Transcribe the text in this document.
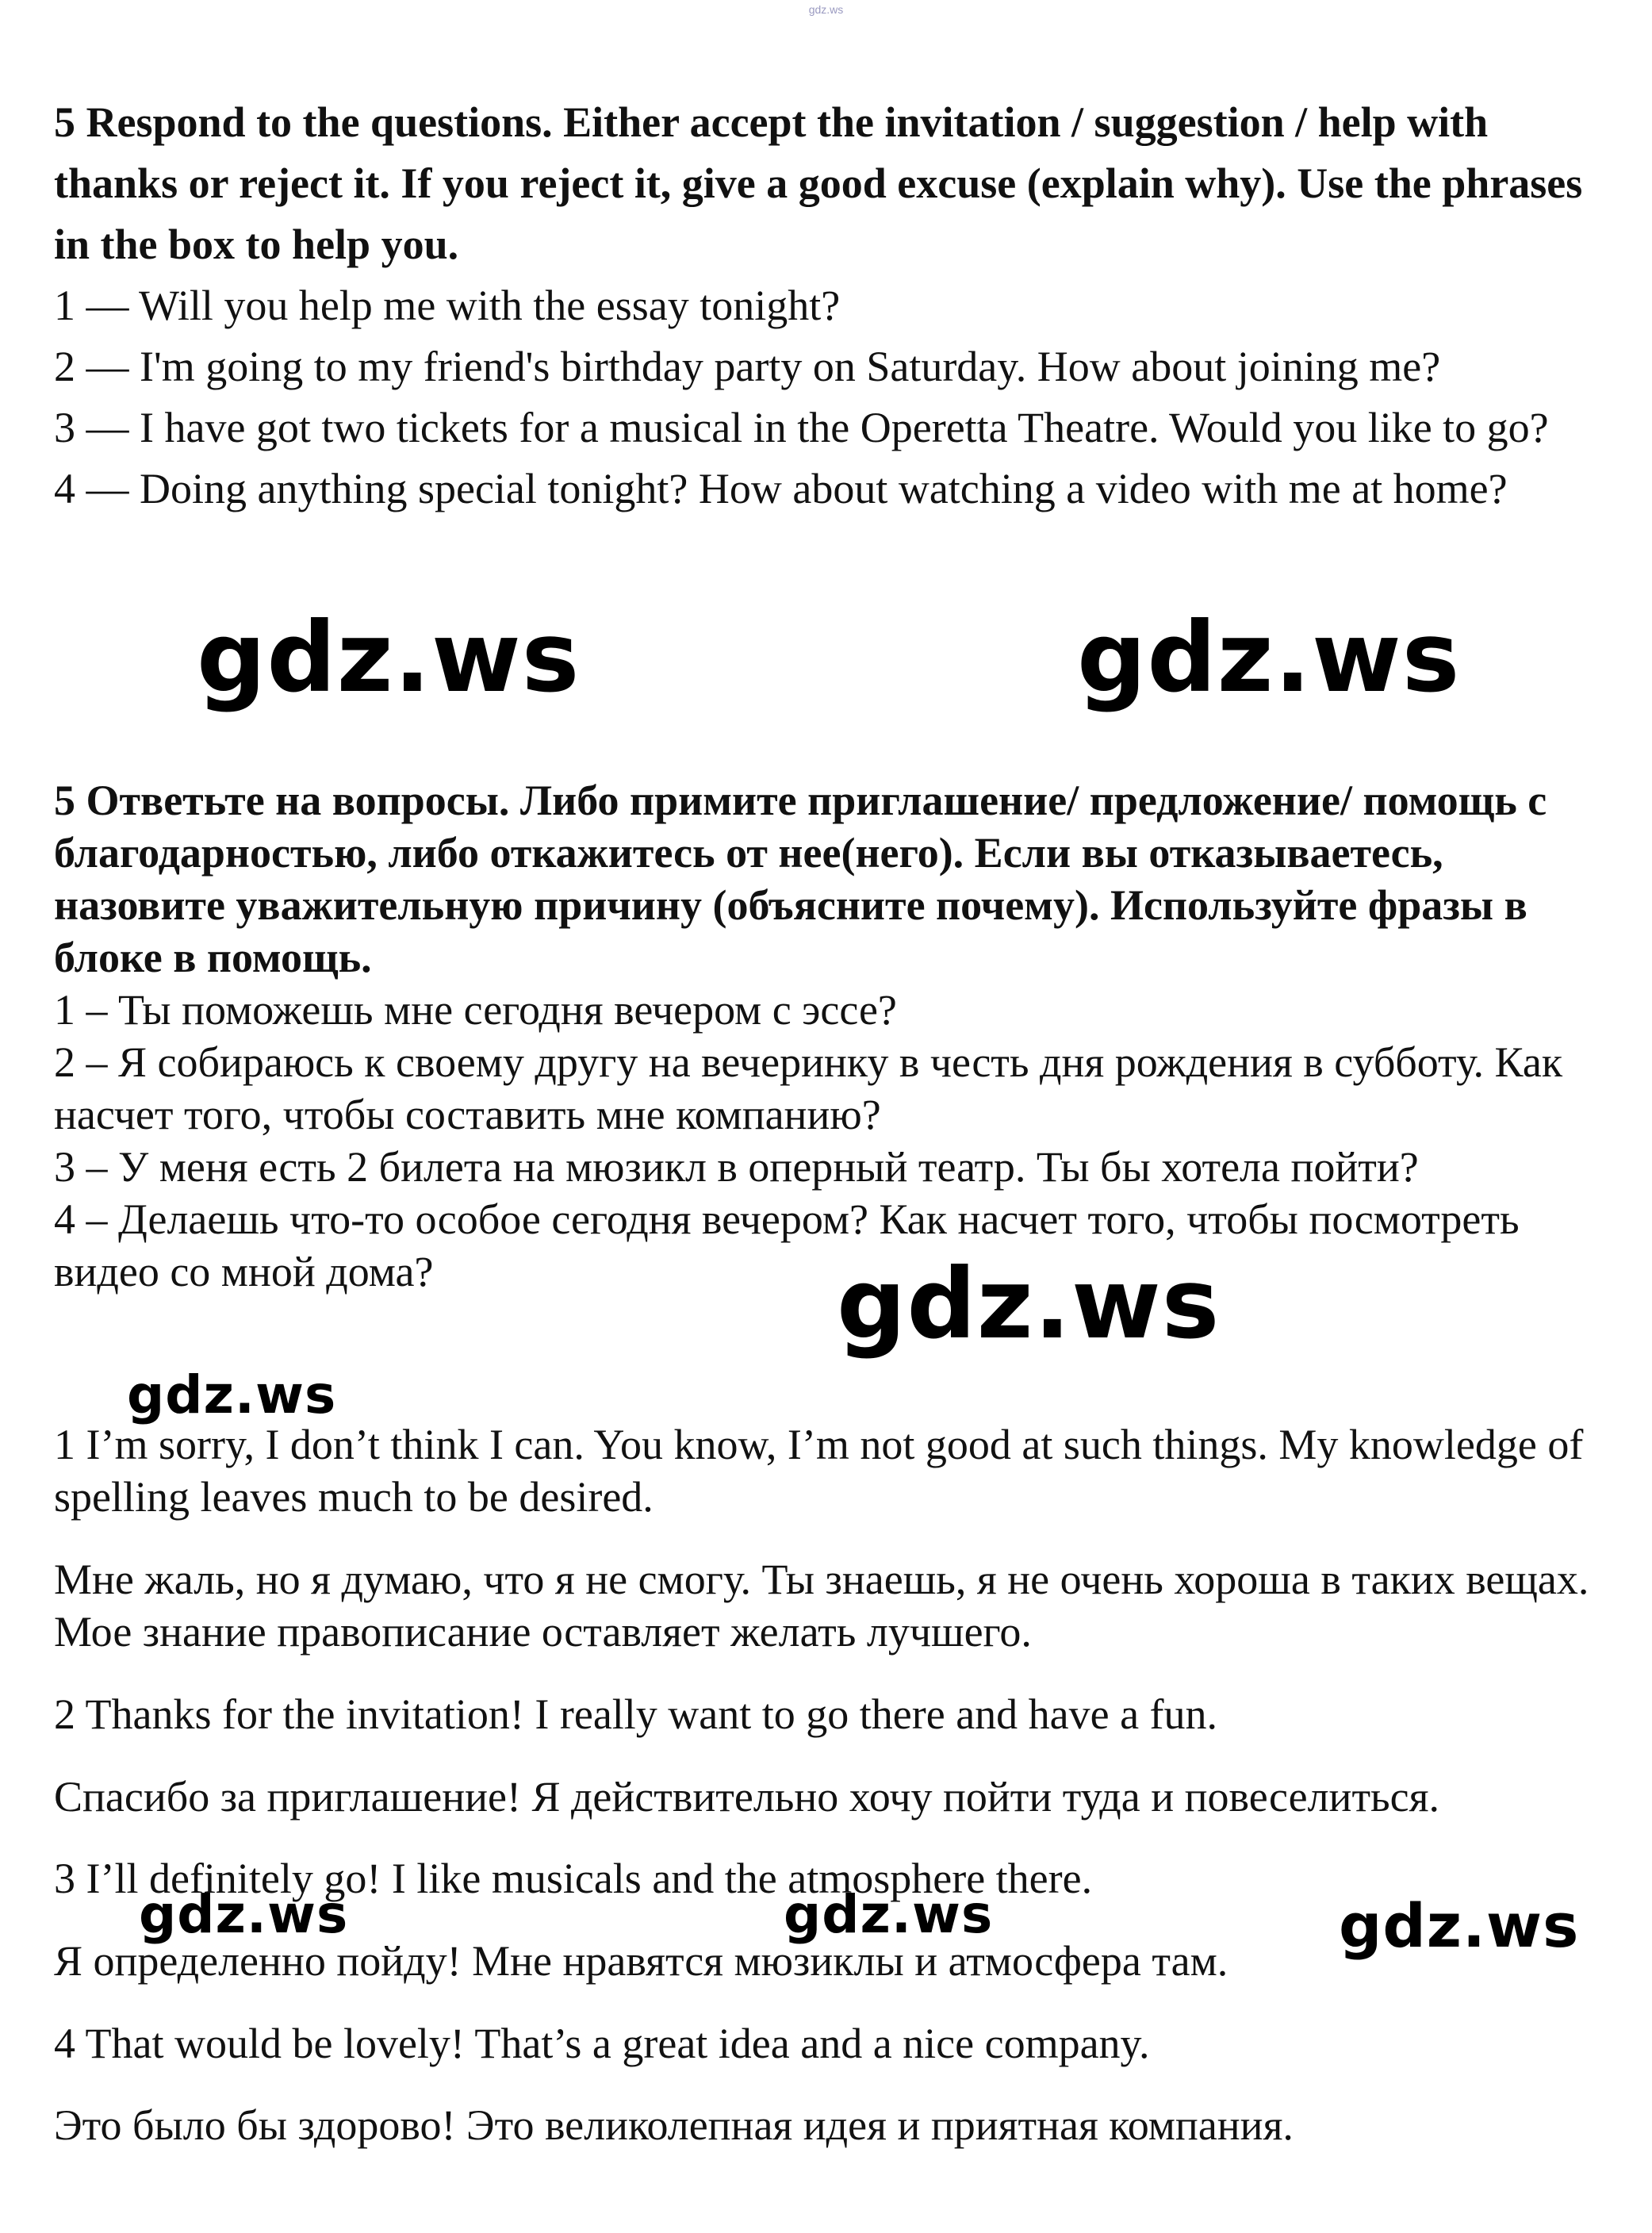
gdz.ws

5 Respond to the questions. Either accept the invitation / suggestion / help with thanks or reject it. If you reject it, give a good excuse (explain why). Use the phrases in the box to help you.

1 — Will you help me with the essay tonight?

2 — I'm going to my friend's birthday party on Saturday. How about joining me?

3 — I have got two tickets for a musical in the Operetta Theatre. Would you like to go?

4 — Doing anything special tonight? How about watching a video with me at home?

5 Ответьте на вопросы. Либо примите приглашение/ предложение/ помощь с благодарностью, либо откажитесь от нее(него). Если вы отказываетесь, назовите уважительную причину (объясните почему). Используйте фразы в блоке в помощь.

1 – Ты поможешь мне сегодня вечером с эссе?

2 – Я собираюсь к своему другу на вечеринку в честь дня рождения в субботу. Как насчет того, чтобы составить мне компанию?

3 – У меня есть 2 билета на мюзикл в оперный театр. Ты бы хотела пойти?

4 – Делаешь что-то особое сегодня вечером? Как насчет того, чтобы посмотреть видео со мной дома?

1 I’m sorry, I don’t think I can. You know, I’m not good at such things. My knowledge of spelling leaves much to be desired.

Мне жаль, но я думаю, что я не смогу. Ты знаешь, я не очень хороша в таких вещах. Мое знание правописание оставляет желать лучшего.

2 Thanks for the invitation! I really want to go there and have a fun.

Спасибо за приглашение! Я действительно хочу пойти туда и повеселиться.

3 I’ll definitely go! I like musicals and the atmosphere there.

Я определенно пойду! Мне нравятся мюзиклы и атмосфера там.

4 That would be lovely! That’s a great idea and a nice company.

Это было бы здорово! Это великолепная идея и приятная компания.

gdz.ws	gdz.ws
gdz.ws
gdz.ws
gdz.ws	gdz.ws	gdz.ws
